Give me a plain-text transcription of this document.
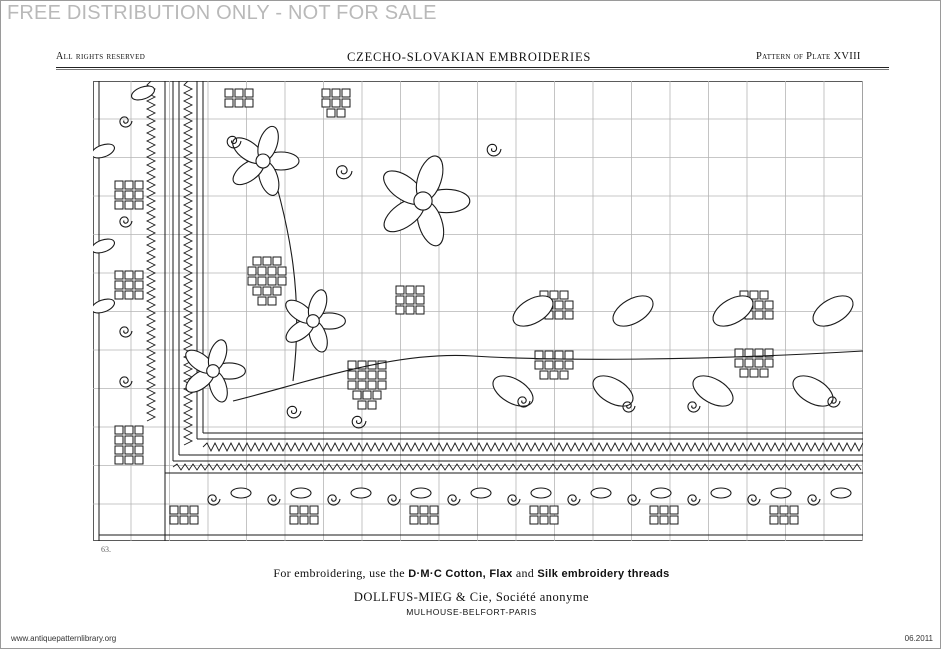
FREE DISTRIBUTION ONLY - NOT FOR SALE
All rights reserved	CZECHO-SLOVAKIAN EMBROIDERIES	Pattern of Plate XVIII
63.
For embroidering, use the D·M·C Cotton, Flax and Silk embroidery threads
DOLLFUS-MIEG & Cie, Société anonyme
MULHOUSE-BELFORT-PARIS
www.antiquepatternlibrary.org	06.2011
